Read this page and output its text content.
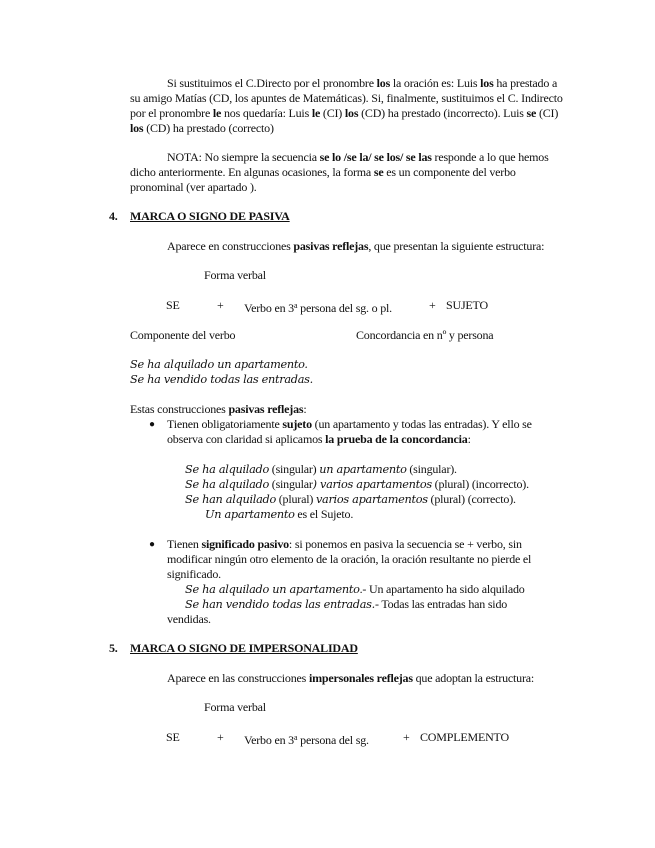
Si sustituimos el C.Directo por el pronombre los la oración es: Luis los ha prestado a su amigo Matías (CD, los apuntes de Matemáticas). Si, finalmente, sustituimos el C. Indirecto por el pronombre le nos quedaría: Luis le (CI) los (CD) ha prestado (incorrecto). Luis se (CI) los (CD) ha prestado (correcto)

NOTA: No siempre la secuencia se lo /se la/ se los/ se las responde a lo que hemos dicho anteriormente. En algunas ocasiones, la forma se es un componente del verbo pronominal (ver apartado ).

4. MARCA O SIGNO DE PASIVA

Aparece en construcciones pasivas reflejas, que presentan la siguiente estructura:

Forma verbal

SE	+ Verbo en 3$^a$ persona del sg. o pl.	+ SUJETO

Componente del verbo	Concordancia en nº y persona

Se ha alquilado un apartamento.

Se ha vendido todas las entradas.

Estas construcciones pasivas reflejas:

● Tienen obligatoriamente sujeto (un apartamento y todas las entradas). Y ello se observa con claridad si aplicamos la prueba de la concordancia:

Se ha alquilado (singular) un apartamento (singular).

Se ha alquilado (singular) varios apartamentos (plural) (incorrecto).

Se han alquilado (plural) varios apartamentos (plural) (correcto).

Un apartamento es el Sujeto.

● Tienen significado pasivo: si ponemos en pasiva la secuencia se + verbo, sin modificar ningún otro elemento de la oración, la oración resultante no pierde el significado.

Se ha alquilado un apartamento.- Un apartamento ha sido alquilado

Se han vendido todas las entradas.- Todas las entradas han sido

vendidas.

5. MARCA O SIGNO DE IMPERSONALIDAD

Aparece en las construcciones impersonales reflejas que adoptan la estructura:

Forma verbal

SE	+ Verbo en 3$^a$ persona del sg.	+ COMPLEMENTO
